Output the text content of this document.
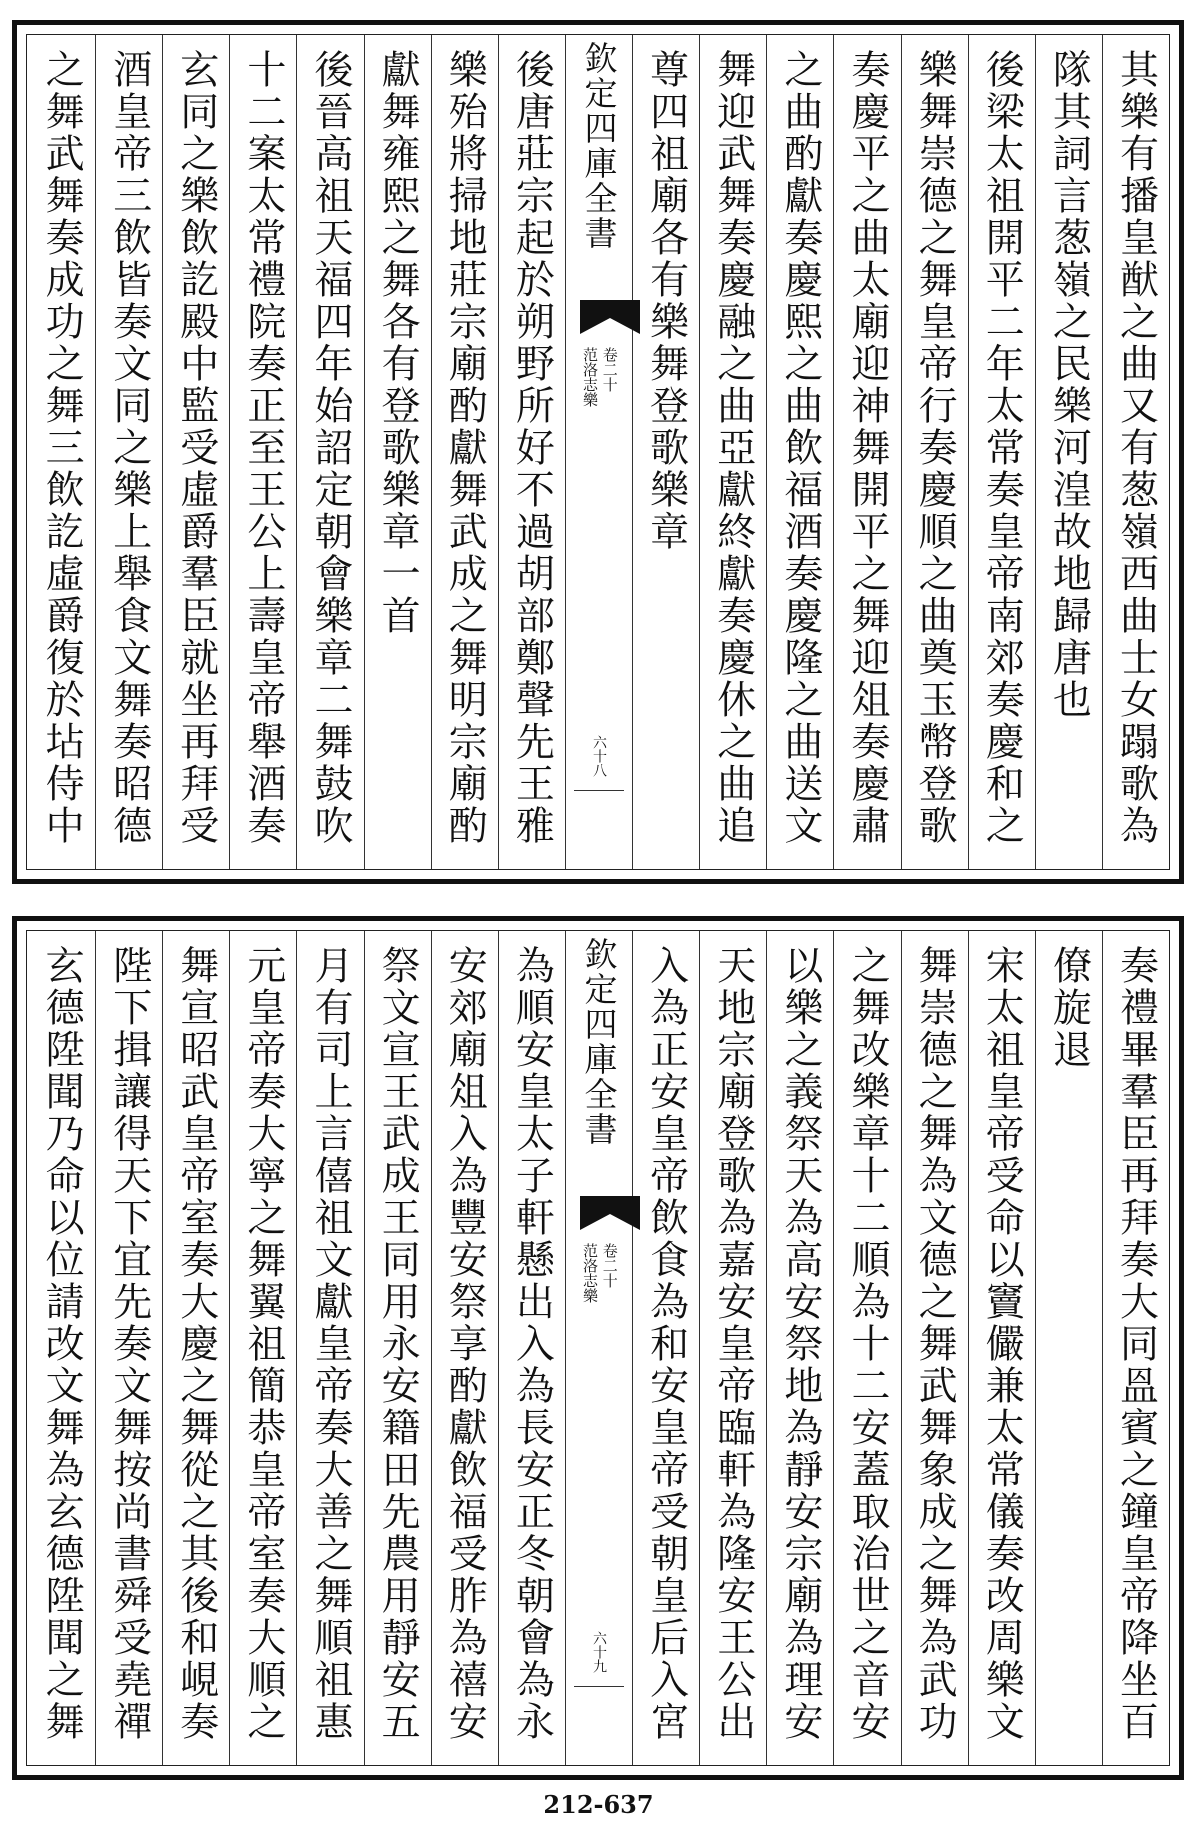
其樂有播皇猷之曲又有葱嶺西曲士女蹋歌為
隊其詞言葱嶺之民樂河湟故地歸唐也
後梁太祖開平二年太常奏皇帝南郊奏慶和之
樂舞崇德之舞皇帝行奏慶順之曲奠玉幣登歌
奏慶平之曲太廟迎神舞開平之舞迎俎奏慶肅
之曲酌獻奏慶熙之曲飲福酒奏慶隆之曲送文
舞迎武舞奏慶融之曲亞獻終獻奏慶休之曲追
尊四祖廟各有樂舞登歌樂章
欽定四庫全書
范洛志樂 卷二十
六十八
後唐莊宗起於朔野所好不過胡部鄭聲先王雅
樂殆將掃地莊宗廟酌獻舞武成之舞明宗廟酌
獻舞雍熙之舞各有登歌樂章一首
後晉高祖天福四年始詔定朝會樂章二舞鼓吹
十二案太常禮院奏正至王公上壽皇帝舉酒奏
玄同之樂飲訖殿中監受虛爵羣臣就坐再拜受
酒皇帝三飲皆奏文同之樂上舉食文舞奏昭德
之舞武舞奏成功之舞三飲訖虛爵復於坫侍中
奏禮畢羣臣再拜奏大同𥁕賓之鐘皇帝降坐百
僚旋退
宋太祖皇帝受命以竇儼兼太常儀奏改周樂文
舞崇德之舞為文德之舞武舞象成之舞為武功
之舞改樂章十二順為十二安蓋取治世之音安
以樂之義祭天為高安祭地為靜安宗廟為理安
天地宗廟登歌為嘉安皇帝臨軒為隆安王公出
入為正安皇帝飲食為和安皇帝受朝皇后入宮
欽定四庫全書
范洛志樂 卷二十
六十九
為順安皇太子軒懸出入為長安正冬朝會為永
安郊廟俎入為豐安祭享酌獻飲福受胙為禧安
祭文宣王武成王同用永安籍田先農用靜安五
月有司上言僖祖文獻皇帝奏大善之舞順祖惠
元皇帝奏大寧之舞翼祖簡恭皇帝室奏大順之
舞宣昭武皇帝室奏大慶之舞從之其後和峴奏
陛下揖讓得天下宜先奏文舞按尚書舜受堯禪
玄德陞聞乃命以位請改文舞為玄德陞聞之舞
212-637
